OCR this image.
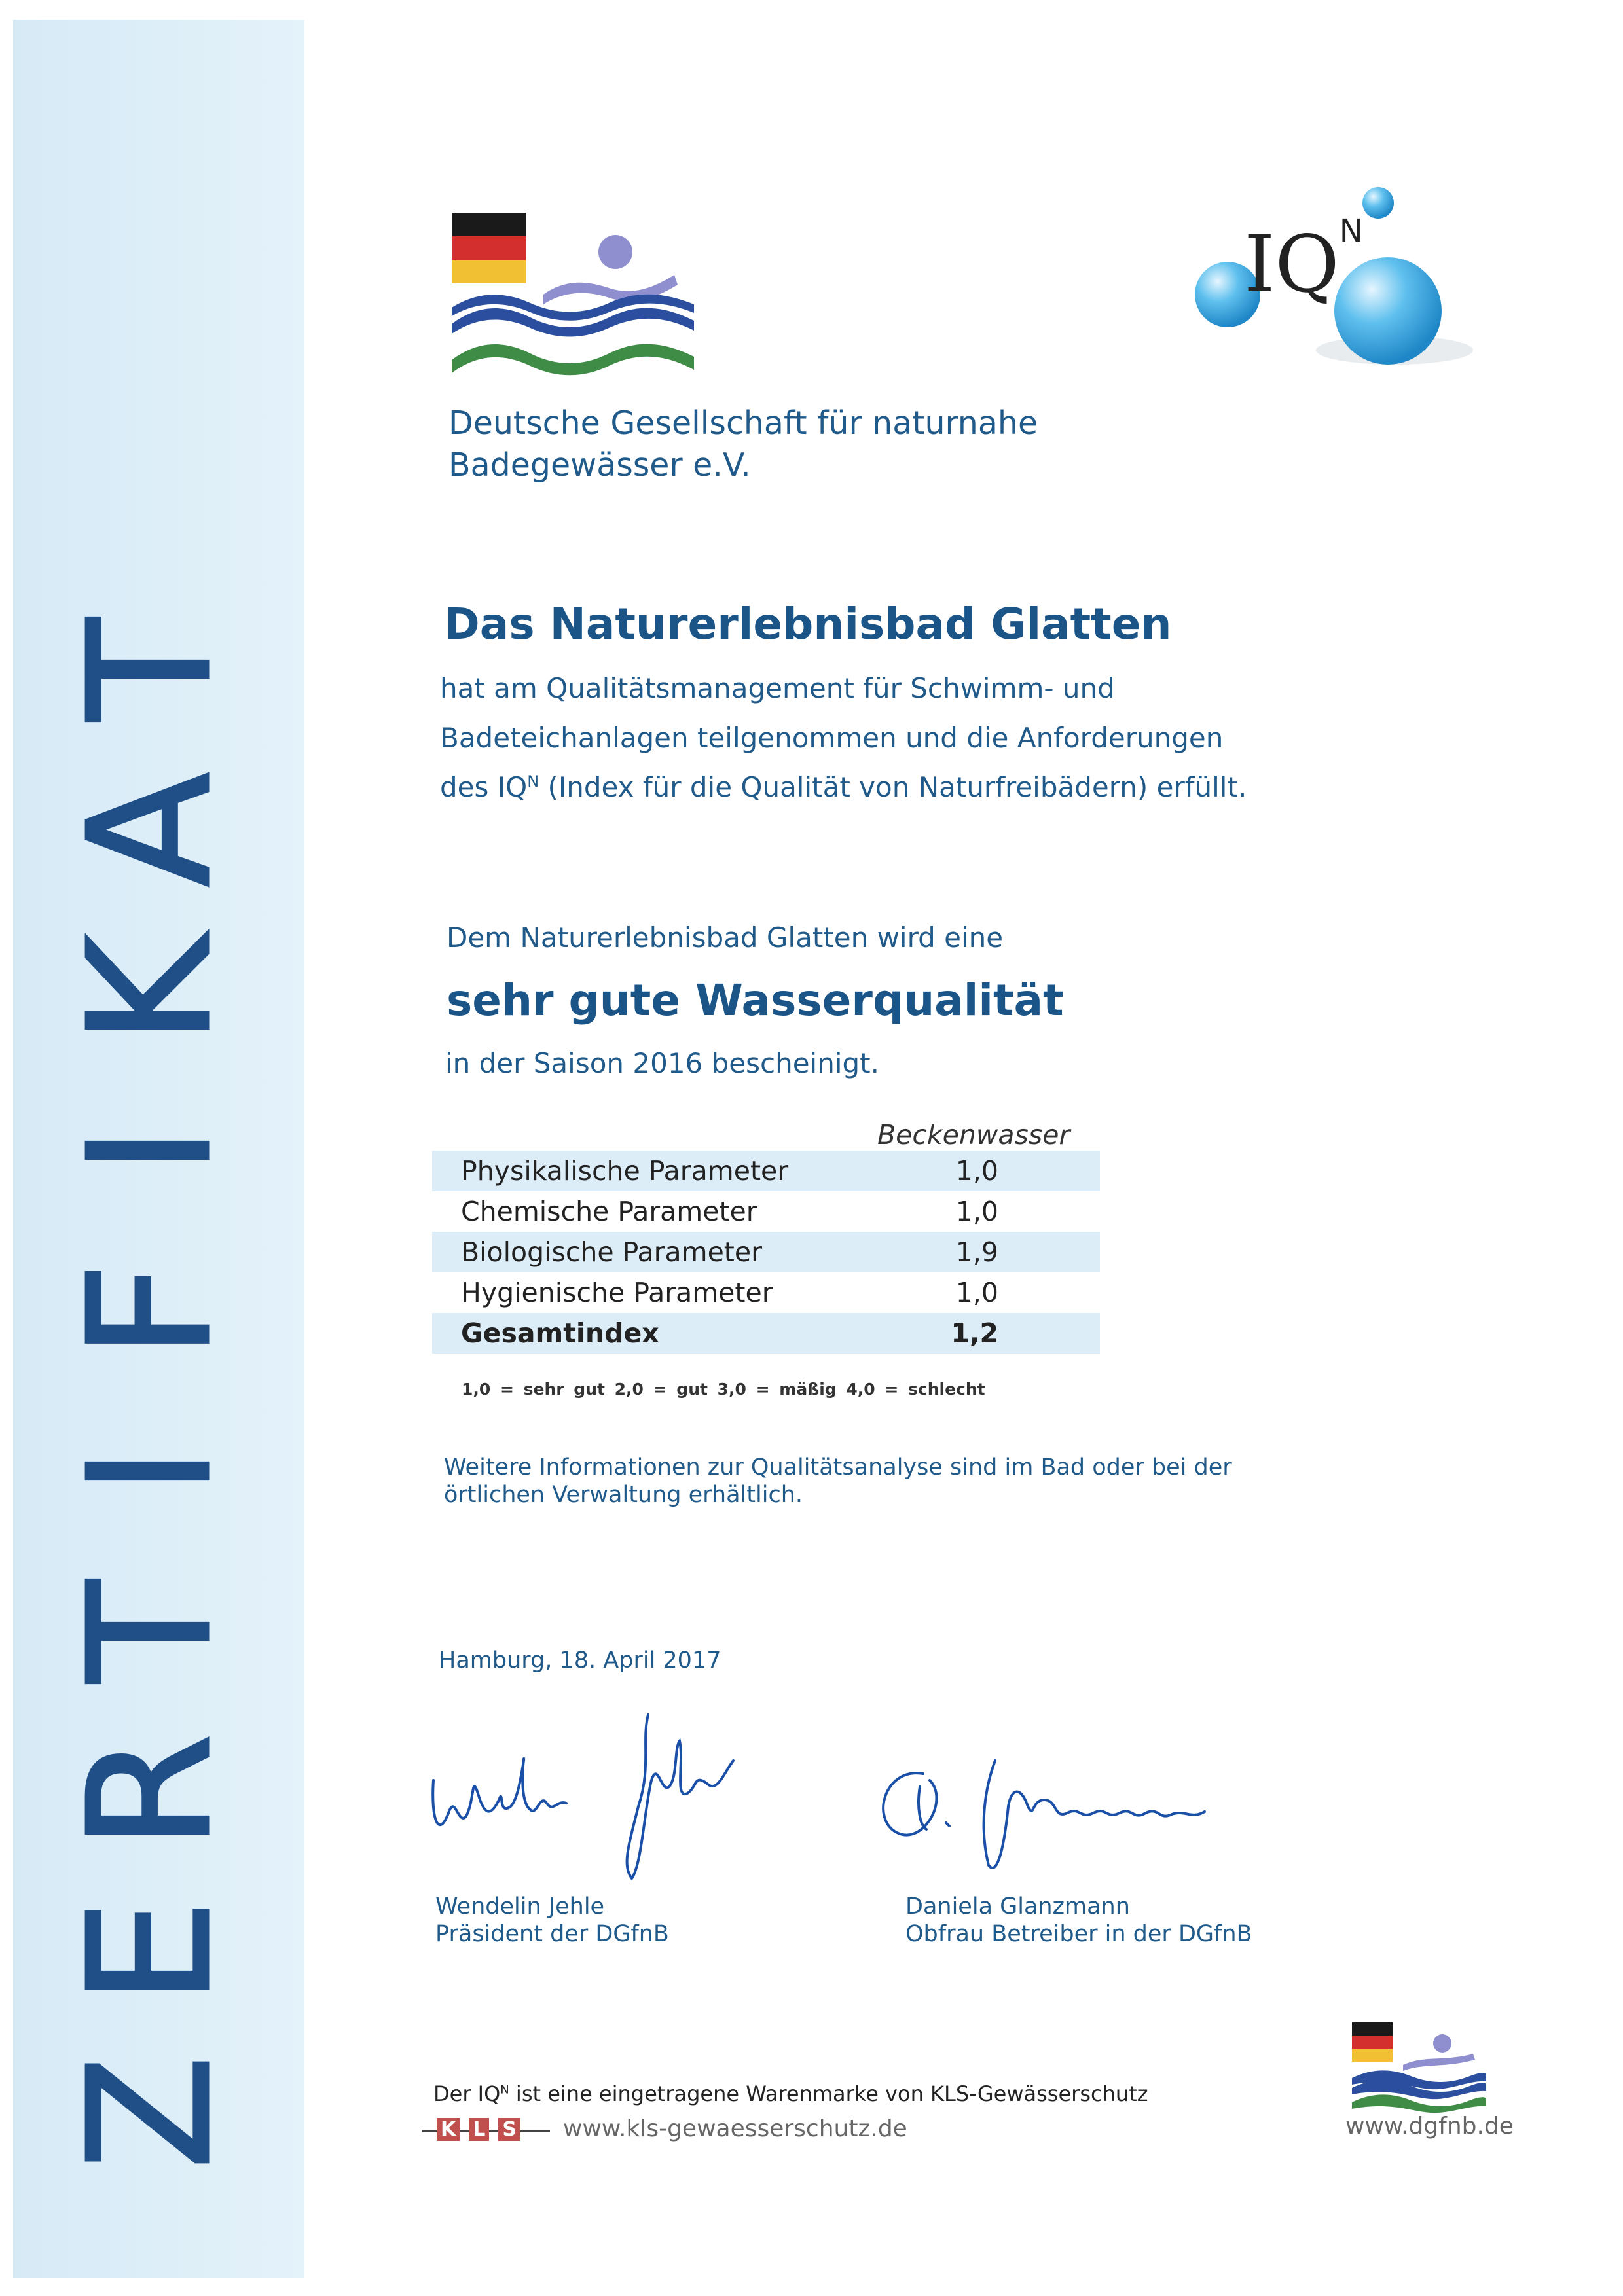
Z
E
R
T
I
F
I
K
A
T
Deutsche Gesellschaft für naturnahe
Badegewässer e.V.
$IQ^N$
Das Naturerlebnisbad Glatten
hat am Qualitätsmanagement für Schwimm- und
Badeteichanlagen teilgenommen und die Anforderungen
des $IQ^N$ (Index für die Qualität von Naturfreibädern) erfüllt.
Dem Naturerlebnisbad Glatten wird eine
sehr gute Wasserqualität
in der Saison 2016 bescheinigt.
Beckenwasser
Physikalische Parameter	1,0
Chemische Parameter	1,0
Biologische Parameter	1,9
Hygienische Parameter	1,0
Gesamtindex	1,2
1,0 = sehr gut 2,0 = gut 3,0 = mäßig 4,0 = schlecht
Weitere Informationen zur Qualitätsanalyse sind im Bad oder bei der
örtlichen Verwaltung erhältlich.
Hamburg, 18. April 2017
Wendelin Jehle
Präsident der DGfnB
Daniela Glanzmann
Obfrau Betreiber in der DGfnB
Der $IQ^N$ ist eine eingetragene Warenmarke von KLS-Gewässerschutz
K L S www.kls-gewaesserschutz.de	www.dgfnb.de
